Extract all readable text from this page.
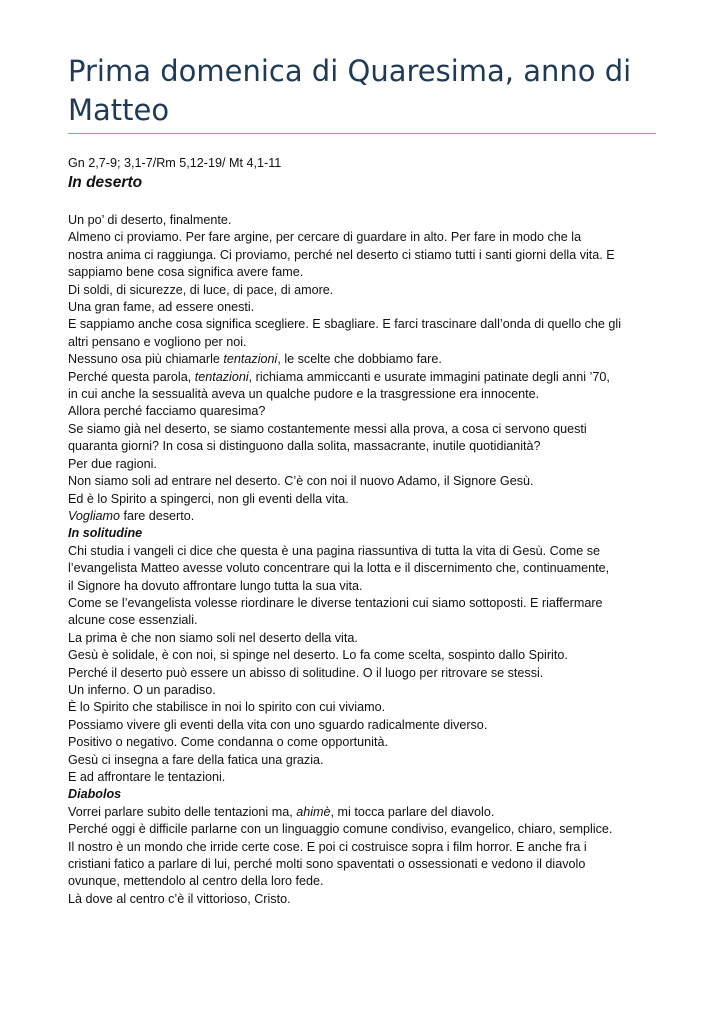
Prima domenica di Quaresima, anno di Matteo
Gn 2,7-9; 3,1-7/Rm 5,12-19/ Mt 4,1-11
In deserto
Un po’ di deserto, finalmente.
Almeno ci proviamo. Per fare argine, per cercare di guardare in alto. Per fare in modo che la
nostra anima ci raggiunga. Ci proviamo, perché nel deserto ci stiamo tutti i santi giorni della vita. E
sappiamo bene cosa significa avere fame.
Di soldi, di sicurezze, di luce, di pace, di amore.
Una gran fame, ad essere onesti.
E sappiamo anche cosa significa scegliere. E sbagliare. E farci trascinare dall’onda di quello che gli
altri pensano e vogliono per noi.
Nessuno osa più chiamarle tentazioni, le scelte che dobbiamo fare.
Perché questa parola, tentazioni, richiama ammiccanti e usurate immagini patinate degli anni ’70,
in cui anche la sessualità aveva un qualche pudore e la trasgressione era innocente.
Allora perché facciamo quaresima?
Se siamo già nel deserto, se siamo costantemente messi alla prova, a cosa ci servono questi
quaranta giorni? In cosa si distinguono dalla solita, massacrante, inutile quotidianità?
Per due ragioni.
Non siamo soli ad entrare nel deserto. C’è con noi il nuovo Adamo, il Signore Gesù.
Ed è lo Spirito a spingerci, non gli eventi della vita.
Vogliamo fare deserto.
In solitudine
Chi studia i vangeli ci dice che questa è una pagina riassuntiva di tutta la vita di Gesù. Come se
l’evangelista Matteo avesse voluto concentrare qui la lotta e il discernimento che, continuamente,
il Signore ha dovuto affrontare lungo tutta la sua vita.
Come se l’evangelista volesse riordinare le diverse tentazioni cui siamo sottoposti. E riaffermare
alcune cose essenziali.
La prima è che non siamo soli nel deserto della vita.
Gesù è solidale, è con noi, si spinge nel deserto. Lo fa come scelta, sospinto dallo Spirito.
Perché il deserto può essere un abisso di solitudine. O il luogo per ritrovare se stessi.
Un inferno. O un paradiso.
È lo Spirito che stabilisce in noi lo spirito con cui viviamo.
Possiamo vivere gli eventi della vita con uno sguardo radicalmente diverso.
Positivo o negativo. Come condanna o come opportunità.
Gesù ci insegna a fare della fatica una grazia.
E ad affrontare le tentazioni.
Diabolos
Vorrei parlare subito delle tentazioni ma, ahimè, mi tocca parlare del diavolo.
Perché oggi è difficile parlarne con un linguaggio comune condiviso, evangelico, chiaro, semplice.
Il nostro è un mondo che irride certe cose. E poi ci costruisce sopra i film horror. E anche fra i
cristiani fatico a parlare di lui, perché molti sono spaventati o ossessionati e vedono il diavolo
ovunque, mettendolo al centro della loro fede.
Là dove al centro c’è il vittorioso, Cristo.
